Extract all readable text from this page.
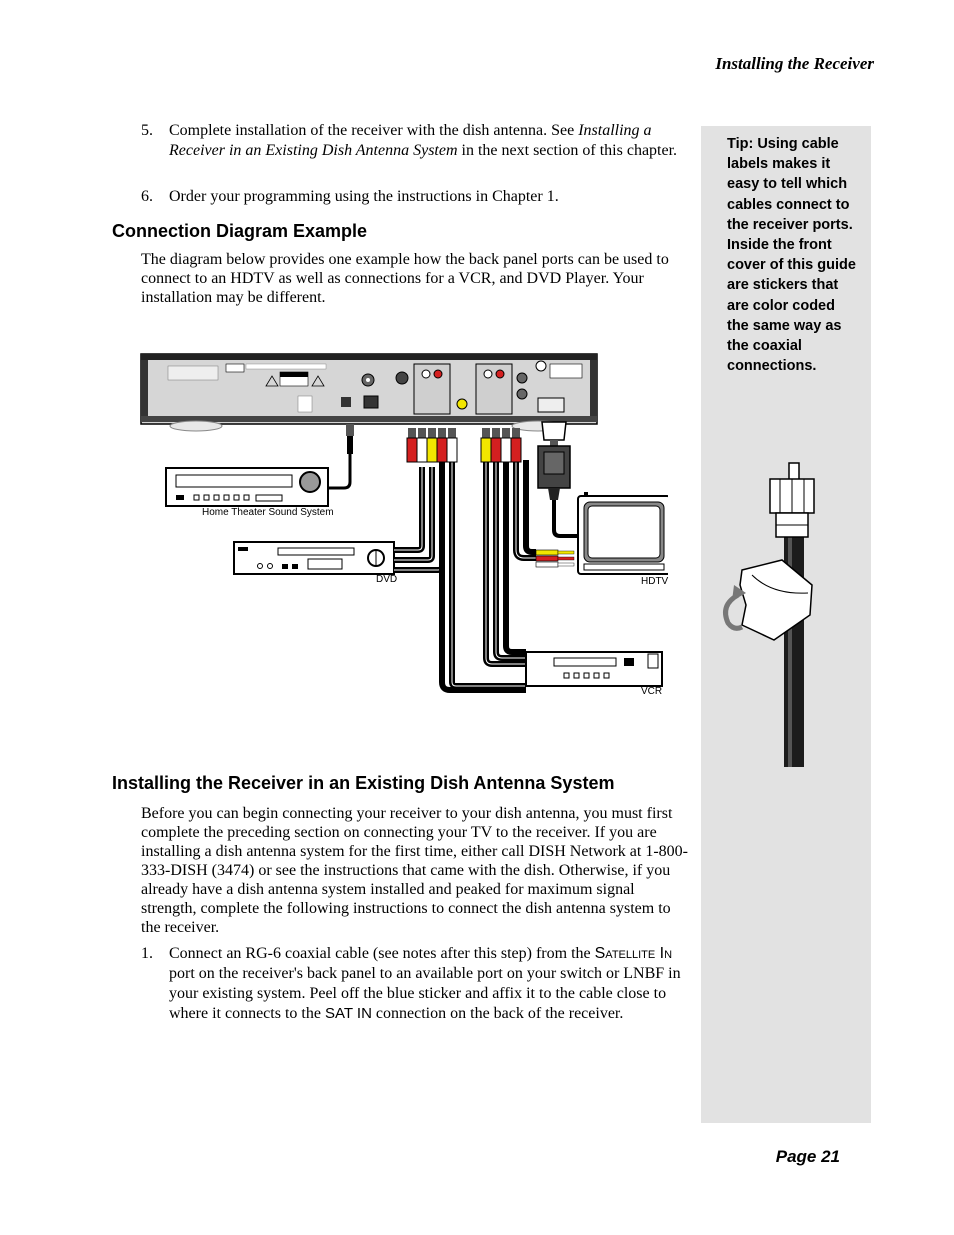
Installing the Receiver
Tip: Using cable labels makes it easy to tell which cables connect to the receiver ports. Inside the front cover of this guide are stickers that are color coded the same way as the coaxial connections.
5. Complete installation of the receiver with the dish antenna. See Installing a Receiver in an Existing Dish Antenna System in the next section of this chapter.
6. Order your programming using the instructions in Chapter 1.
Connection Diagram Example
The diagram below provides one example how the back panel ports can be used to connect to an HDTV as well as connections for a VCR, and DVD Player. Your installation may be different.
Home Theater Sound System
DVD	HDTV
VCR
Installing the Receiver in an Existing Dish Antenna System
Before you can begin connecting your receiver to your dish antenna, you must first complete the preceding section on connecting your TV to the receiver. If you are installing a dish antenna system for the first time, either call DISH Network at 1-800-333-DISH (3474) or see the instructions that came with the dish. Otherwise, if you already have a dish antenna system installed and peaked for maximum signal strength, complete the following instructions to connect the dish antenna system to the receiver.
1. Connect an RG-6 coaxial cable (see notes after this step) from the Satellite In port on the receiver's back panel to an available port on your switch or LNBF in your existing system. Peel off the blue sticker and affix it to the cable close to where it connects to the SAT IN connection on the back of the receiver.
Page 21
